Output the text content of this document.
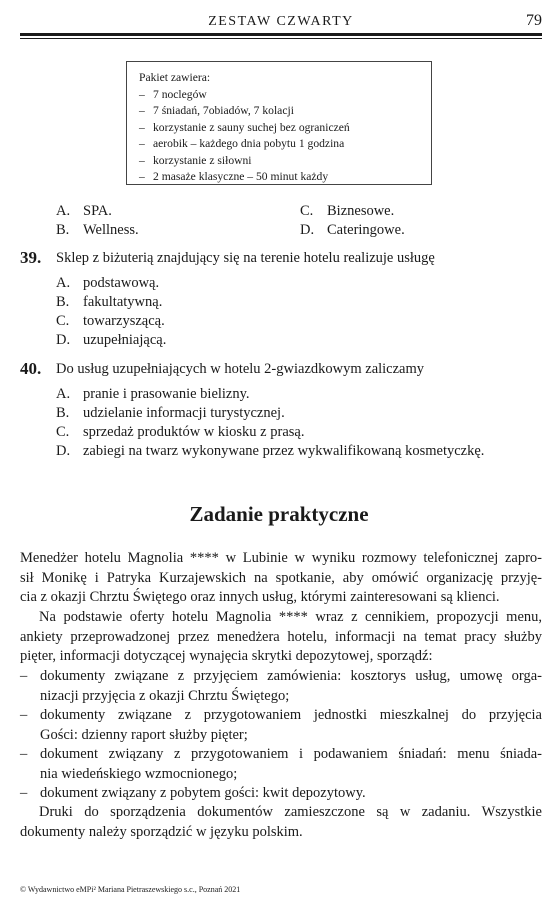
ZESTAW CZWARTY	79
Pakiet zawiera:
– 7 noclegów
– 7 śniadań, 7obiadów, 7 kolacji
– korzystanie z sauny suchej bez ograniczeń
– aerobik – każdego dnia pobytu 1 godzina
– korzystanie z siłowni
– 2 masaże klasyczne – 50 minut każdy
A. SPA.
B. Wellness.
C. Biznesowe.
D. Cateringowe.
39. Sklep z biżuterią znajdujący się na terenie hotelu realizuje usługę
A. podstawową.
B. fakultatywną.
C. towarzyszącą.
D. uzupełniającą.
40. Do usług uzupełniających w hotelu 2-gwiazdkowym zaliczamy
A. pranie i prasowanie bielizny.
B. udzielanie informacji turystycznej.
C. sprzedaż produktów w kiosku z prasą.
D. zabiegi na twarz wykonywane przez wykwalifikowaną kosmetyczkę.
Zadanie praktyczne
Menedżer hotelu Magnolia **** w Lubinie w wyniku rozmowy telefonicznej zapro-
sił Monikę i Patryka Kurzajewskich na spotkanie, aby omówić organizację przyję-
cia z okazji Chrztu Świętego oraz innych usług, którymi zainteresowani są klienci.
Na podstawie oferty hotelu Magnolia **** wraz z cennikiem, propozycji menu,
ankiety przeprowadzonej przez menedżera hotelu, informacji na temat pracy służby
pięter, informacji dotyczącej wynajęcia skrytki depozytowej, sporządź:
– dokumenty związane z przyjęciem zamówienia: kosztorys usług, umowę orga-
nizacji przyjęcia z okazji Chrztu Świętego;
– dokumenty związane z przygotowaniem jednostki mieszkalnej do przyjęcia
Gości: dzienny raport służby pięter;
– dokument związany z przygotowaniem i podawaniem śniadań: menu śniada-
nia wiedeńskiego wzmocnionego;
– dokument związany z pobytem gości: kwit depozytowy.
Druki do sporządzenia dokumentów zamieszczone są w zadaniu. Wszystkie
dokumenty należy sporządzić w języku polskim.
© Wydawnictwo eMPi² Mariana Pietraszewskiego s.c., Poznań 2021
